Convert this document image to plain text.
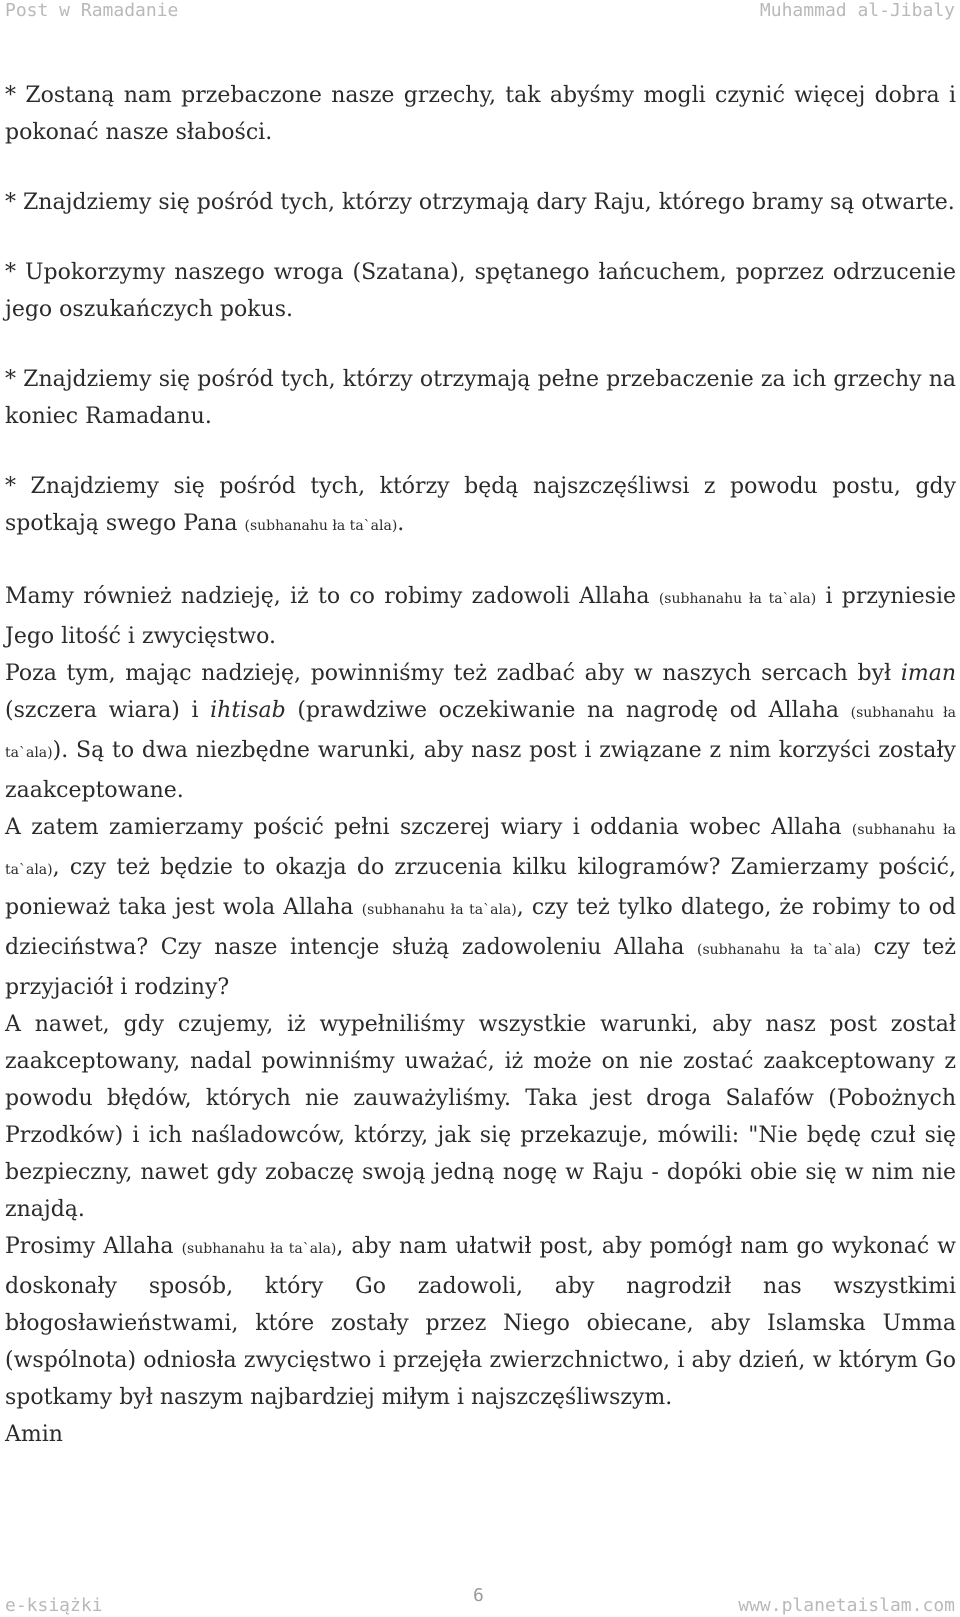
Post w Ramadanie	Muhammad al-Jibaly

* Zostaną nam przebaczone nasze grzechy, tak abyśmy mogli czynić więcej dobra i pokonać nasze słabości.

* Znajdziemy się pośród tych, którzy otrzymają dary Raju, którego bramy są otwarte.

* Upokorzymy naszego wroga (Szatana), spętanego łańcuchem, poprzez odrzucenie jego oszukańczych pokus.

* Znajdziemy się pośród tych, którzy otrzymają pełne przebaczenie za ich grzechy na koniec Ramadanu.

* Znajdziemy się pośród tych, którzy będą najszczęśliwsi z powodu postu, gdy spotkają swego Pana (subhanahu ła ta`ala).

Mamy również nadzieję, iż to co robimy zadowoli Allaha (subhanahu ła ta`ala) i przyniesie Jego litość i zwycięstwo.

Poza tym, mając nadzieję, powinniśmy też zadbać aby w naszych sercach był iman (szczera wiara) i ihtisab (prawdziwe oczekiwanie na nagrodę od Allaha (subhanahu ła ta`ala)). Są to dwa niezbędne warunki, aby nasz post i związane z nim korzyści zostały zaakceptowane.

A zatem zamierzamy pościć pełni szczerej wiary i oddania wobec Allaha (subhanahu ła ta`ala), czy też będzie to okazja do zrzucenia kilku kilogramów? Zamierzamy pościć, ponieważ taka jest wola Allaha (subhanahu ła ta`ala), czy też tylko dlatego, że robimy to od dzieciństwa? Czy nasze intencje służą zadowoleniu Allaha (subhanahu ła ta`ala) czy też przyjaciół i rodziny?

A nawet, gdy czujemy, iż wypełniliśmy wszystkie warunki, aby nasz post został zaakceptowany, nadal powinniśmy uważać, iż może on nie zostać zaakceptowany z powodu błędów, których nie zauważyliśmy. Taka jest droga Salafów (Pobożnych Przodków) i ich naśladowców, którzy, jak się przekazuje, mówili: "Nie będę czuł się bezpieczny, nawet gdy zobaczę swoją jedną nogę w Raju - dopóki obie się w nim nie znajdą.

Prosimy Allaha (subhanahu ła ta`ala), aby nam ułatwił post, aby pomógł nam go wykonać w doskonały sposób, który Go zadowoli, aby nagrodził nas wszystkimi błogosławieństwami, które zostały przez Niego obiecane, aby Islamska Umma (wspólnota) odniosła zwycięstwo i przejęła zwierzchnictwo, i aby dzień, w którym Go spotkamy był naszym najbardziej miłym i najszczęśliwszym.

Amin

e-książki	6	www.planetaislam.com
